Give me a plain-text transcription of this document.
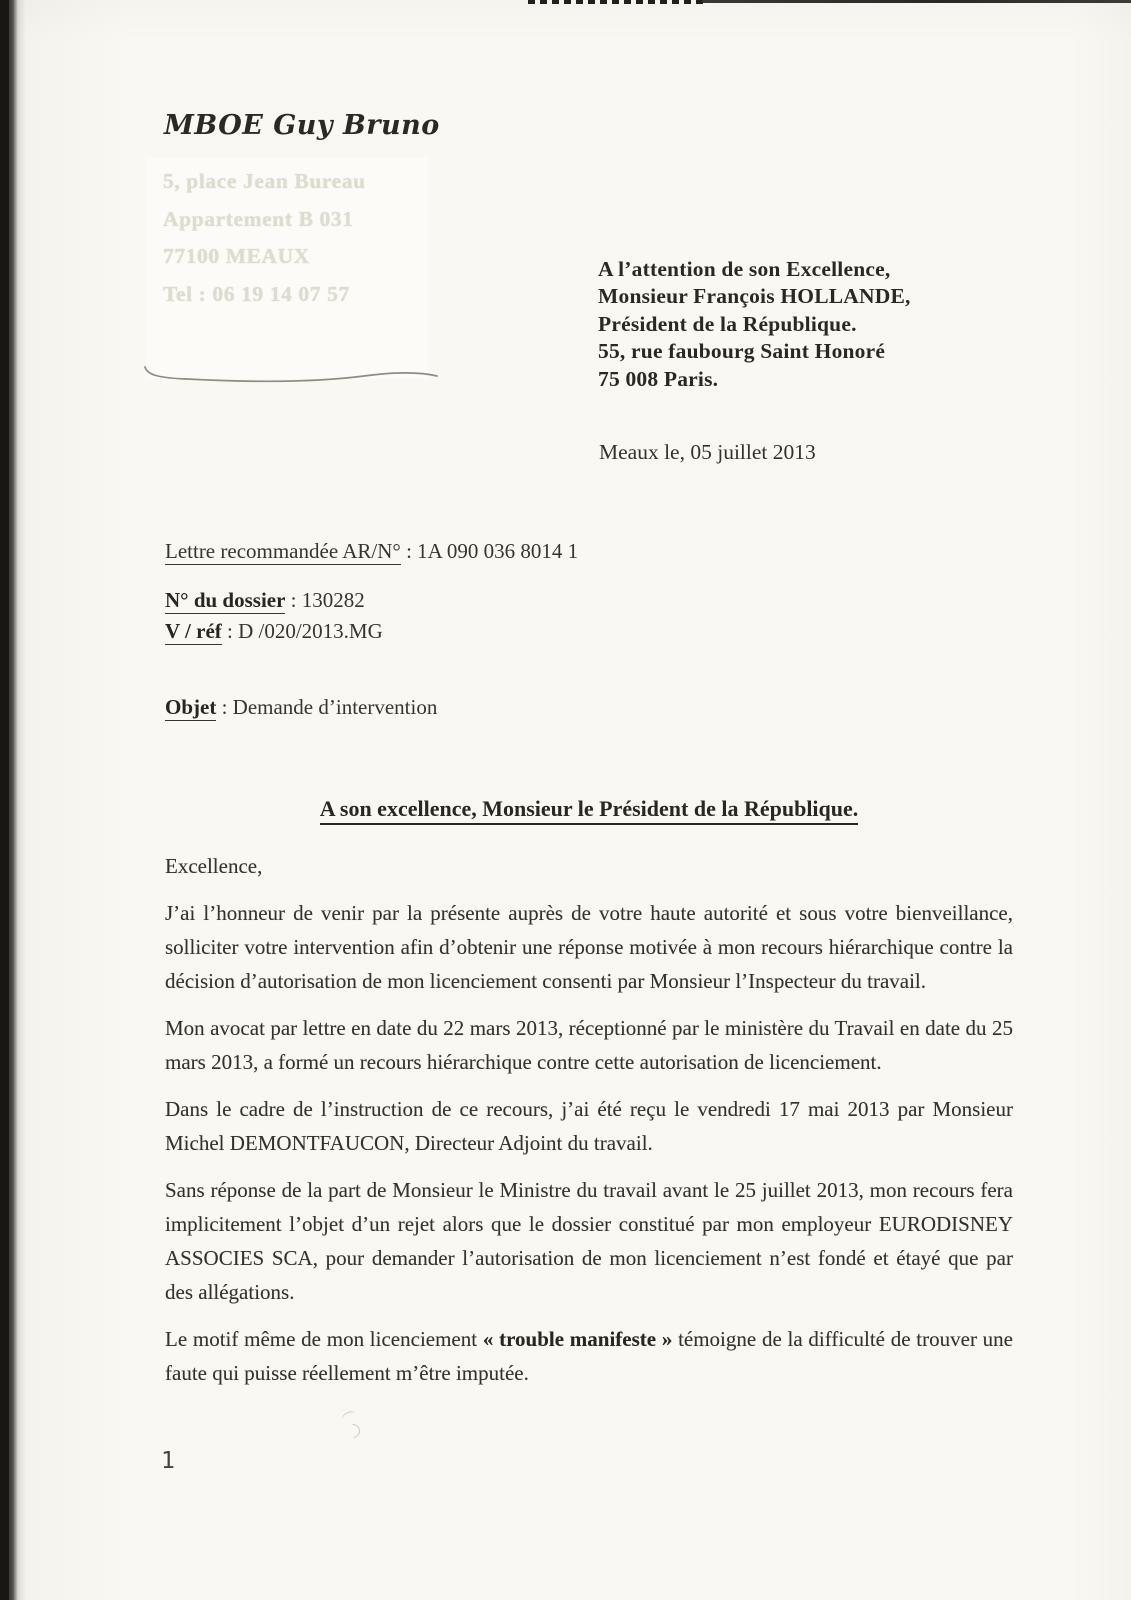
MBOE Guy Bruno
5, place Jean Bureau
Appartement B 031
77100 MEAUX
Tel : 06 19 14 07 57
A l’attention de son Excellence,
Monsieur François HOLLANDE,
Président de la République.
55, rue faubourg Saint Honoré
75 008 Paris.
Meaux le, 05 juillet 2013
Lettre recommandée AR/N° : 1A 090 036 8014 1
N° du dossier : 130282
V / réf : D /020/2013.MG
Objet : Demande d’intervention
A son excellence, Monsieur le Président de la République.

Excellence,

J’ai l’honneur de venir par la présente auprès de votre haute autorité et sous votre bienveillance, solliciter votre intervention afin d’obtenir une réponse motivée à mon recours hiérarchique contre la décision d’autorisation de mon licenciement consenti par Monsieur l’Inspecteur du travail.

Mon avocat par lettre en date du 22 mars 2013, réceptionné par le ministère du Travail en date du 25 mars 2013, a formé un recours hiérarchique contre cette autorisation de licenciement.

Dans le cadre de l’instruction de ce recours, j’ai été reçu le vendredi 17 mai 2013 par Monsieur Michel DEMONTFAUCON, Directeur Adjoint du travail.

Sans réponse de la part de Monsieur le Ministre du travail avant le 25 juillet 2013, mon recours fera implicitement l’objet d’un rejet alors que le dossier constitué par mon employeur EURODISNEY ASSOCIES SCA, pour demander l’autorisation de mon licenciement n’est fondé et étayé que par des allégations.

Le motif même de mon licenciement « trouble manifeste » témoigne de la difficulté de trouver une faute qui puisse réellement m’être imputée.

1
